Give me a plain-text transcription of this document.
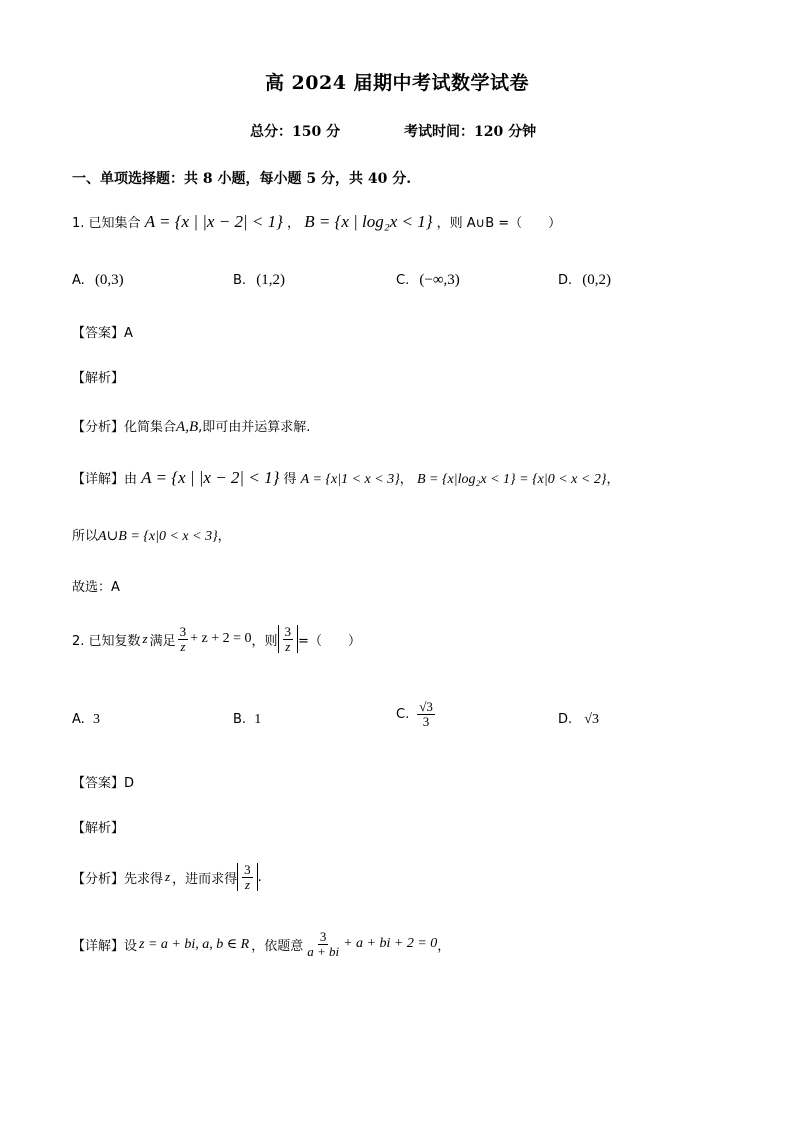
高 2024 届期中考试数学试卷
总分：150 分	考试时间：120 分钟
一、单项选择题：共 8 小题，每小题 5 分，共 40 分.
1. 已知集合 A = {x | |x − 2| < 1} ， B = {x | log₂x < 1} ，则 A∪B =（　　）
A. (0,3)	B. (1,2)	C. (−∞,3)	D. (0,2)
【答案】A
【解析】
【分析】化简集合A,B,即可由并运算求解.
【详解】由 A = {x | |x − 2| < 1} 得 A = {x|1 < x < 3}， B = {x|log₂x < 1} = {x|0 < x < 2}，
所以A∪B = {x|0 < x < 3}，
故选：A
2. 已知复数 z 满足 $\frac{3}{z} + z + 2 = 0$ ，则 $\frac{3}{z}$ =（　　）
A. 3	B. 1	C. $\frac{√3}{3}$	D. √3
【答案】D
【解析】
【分析】 先求得 z ，进而求得 $\frac{3}{z}$ .
【详解】 设 z = a + bi, a, b ∈ R ，依题意 $\frac{3}{a + bi} + a$ + bi + 2 = 0 ，
